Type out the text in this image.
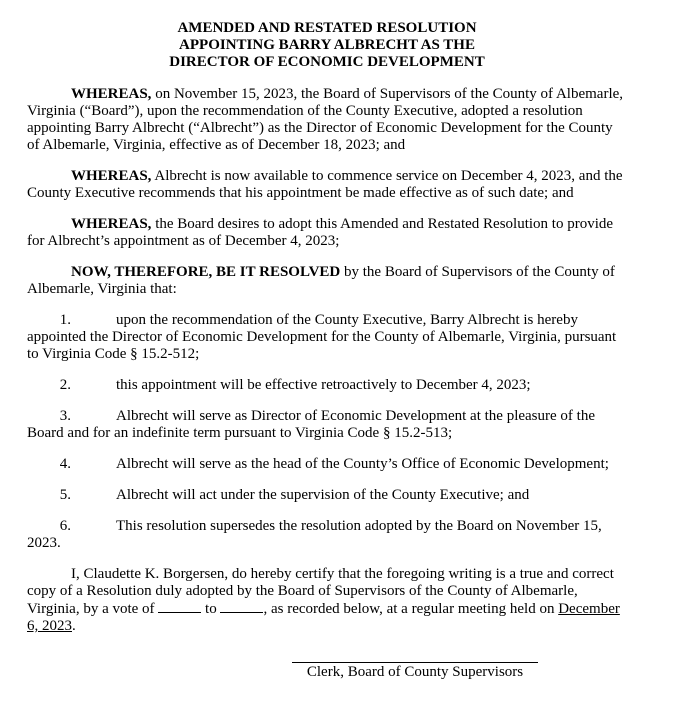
AMENDED AND RESTATED RESOLUTION
APPOINTING BARRY ALBRECHT AS THE
DIRECTOR OF ECONOMIC DEVELOPMENT

WHEREAS, on November 15, 2023, the Board of Supervisors of the County of Albemarle, Virginia (“Board”), upon the recommendation of the County Executive, adopted a resolution appointing Barry Albrecht (“Albrecht”) as the Director of Economic Development for the County of Albemarle, Virginia, effective as of December 18, 2023; and

WHEREAS, Albrecht is now available to commence service on December 4, 2023, and the County Executive recommends that his appointment be made effective as of such date; and

WHEREAS, the Board desires to adopt this Amended and Restated Resolution to provide for Albrecht’s appointment as of December 4, 2023;

NOW, THEREFORE, BE IT RESOLVED by the Board of Supervisors of the County of Albemarle, Virginia that:

1.	upon the recommendation of the County Executive, Barry Albrecht is hereby appointed the Director of Economic Development for the County of Albemarle, Virginia, pursuant to Virginia Code § 15.2-512;

2.	this appointment will be effective retroactively to December 4, 2023;

3.	Albrecht will serve as Director of Economic Development at the pleasure of the Board and for an indefinite term pursuant to Virginia Code § 15.2-513;

4.	Albrecht will serve as the head of the County’s Office of Economic Development;

5.	Albrecht will act under the supervision of the County Executive; and

6.	This resolution supersedes the resolution adopted by the Board on November 15, 2023.

I, Claudette K. Borgersen, do hereby certify that the foregoing writing is a true and correct copy of a Resolution duly adopted by the Board of Supervisors of the County of Albemarle, Virginia, by a vote of	to	, as recorded below, at a regular meeting held on December 6, 2023.

Clerk, Board of County Supervisors
